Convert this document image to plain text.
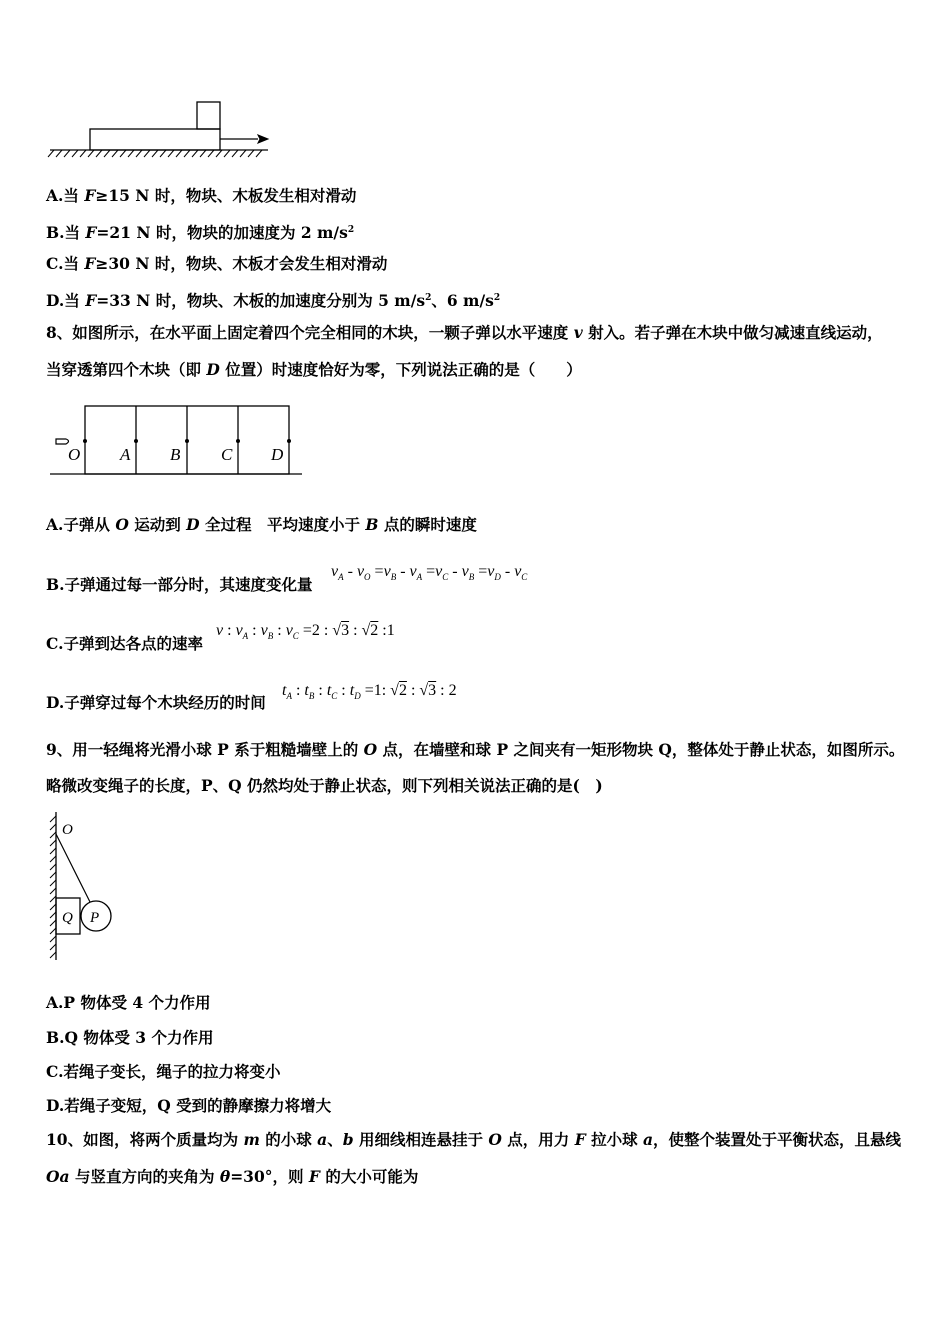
A.当 F≥15 N 时，物块、木板发生相对滑动
B.当 F=21 N 时，物块的加速度为 2 $m/s^2$
C.当 F≥30 N 时，物块、木板才会发生相对滑动
D.当 F=33 N 时，物块、木板的加速度分别为 5 $m/s^2$、6 $m/s^2$
8、如图所示，在水平面上固定着四个完全相同的木块，一颗子弹以水平速度 v 射入。若子弹在木块中做匀减速直线运动，
当穿透第四个木块（即 D 位置）时速度恰好为零，下列说法正确的是（　　）
O A B C D
A.子弹从 O 运动到 D 全过程　平均速度小于 B 点的瞬时速度
B.子弹通过每一部分时，其速度变化量
$v_A - v_O =v_B - v_A =v_C - v_B =v_D - v_C$
C.子弹到达各点的速率
v : $v_A$ : $v_B$ : $v_C =2$ : √3 : √2 :1
D.子弹穿过每个木块经历的时间
$t_A$ : $t_B$ : $t_C$ : $t_D =1$: √2 : √3 : 2
9、用一轻绳将光滑小球 P 系于粗糙墙壁上的 O 点，在墙壁和球 P 之间夹有一矩形物块 Q，整体处于静止状态，如图所示。
略微改变绳子的长度，P、Q 仍然均处于静止状态，则下列相关说法正确的是(　)
O
Q P
A.P 物体受 4 个力作用
B.Q 物体受 3 个力作用
C.若绳子变长，绳子的拉力将变小
D.若绳子变短，Q 受到的静摩擦力将增大
10、如图，将两个质量均为 m 的小球 a、b 用细线相连悬挂于 O 点，用力 F 拉小球 a，使整个装置处于平衡状态，且悬线
Oa 与竖直方向的夹角为 θ=30°，则 F 的大小可能为
